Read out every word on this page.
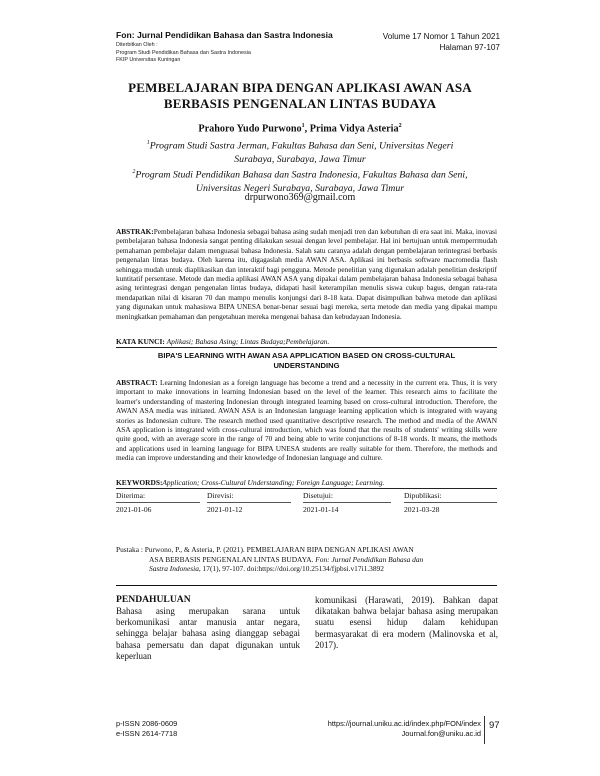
Fon: Jurnal Pendidikan Bahasa dan Sastra Indonesia
Diterbitkan Oleh :
Program Studi Pendidikan Bahasa dan Sastra Indonesia
FKIP Universitas Kuningan
Volume 17 Nomor 1 Tahun 2021
Halaman 97-107
PEMBELAJARAN BIPA DENGAN APLIKASI AWAN ASA
BERBASIS PENGENALAN LINTAS BUDAYA
Prahoro Yudo Purwono$^1$, Prima Vidya Asteria$^2$
$^1$Program Studi Sastra Jerman, Fakultas Bahasa dan Seni, Universitas Negeri
Surabaya, Surabaya, Jawa Timur
$^2$Program Studi Pendidikan Bahasa dan Sastra Indonesia, Fakultas Bahasa dan Seni,
Universitas Negeri Surabaya, Surabaya, Jawa Timur
drpurwono369@gmail.com
ABSTRAK:Pembelajaran bahasa Indonesia sebagai bahasa asing sudah menjadi tren dan kebutuhan di era saat ini. Maka, inovasi pembelajaran bahasa Indonesia sangat penting dilakukan sesuai dengan level pembelajar. Hal ini bertujuan untuk memperrmudah pemahaman pembelajar dalam menguasai bahasa Indonesia. Salah satu caranya adalah dengan pembelajaran terintegrasi berbasis pengenalan lintas budaya. Oleh karena itu, digagaslah media AWAN ASA. Aplikasi ini berbasis software macromedia flash sehingga mudah untuk diaplikasikan dan interaktif bagi pengguna. Metode penelitian yang digunakan adalah penelitian deskriptif kuntitatif persentase. Metode dan media aplikasi AWAN ASA yang dipakai dalam pembelajaran bahasa Indonesia sebagai bahasa asing terintegrasi dengan pengenalan lintas budaya, didapati hasil keterampilan menulis siswa cukup bagus, dengan rata-rata mendapatkan nilai di kisaran 70 dan mampu menulis konjungsi dari 8-18 kata. Dapat disimpulkan bahwa metode dan aplikasi yang digunakan untuk mahasiswa BIPA UNESA benar-benar sesuai bagi mereka, serta metode dan media yang dipakai mampu meningkatkan pemahaman dan pengetahuan mereka mengenai bahasa dan kebudayaan Indonesia.
KATA KUNCI: Aplikasi; Bahasa Asing; Lintas Budaya;Pembelajaran.
BIPA'S LEARNING WITH AWAN ASA APPLICATION BASED ON CROSS-CULTURAL
UNDERSTANDING
ABSTRACT: Learning Indonesian as a foreign language has become a trend and a necessity in the current era. Thus, it is very important to make innovations in learning Indonesian based on the level of the learner. This research aims to facilitate the learner's understanding of mastering Indonesian through integrated learning based on cross-cultural introduction. Therefore, the AWAN ASA media was initiated. AWAN ASA is an Indonesian language learning application which is integrated with wayang stories as Indonesian culture. The research method used quantitative descriptive research. The method and media of the AWAN ASA application is integrated with cross-cultural introduction, which was found that the results of students' writing skills were quite good, with an average score in the range of 70 and being able to write conjunctions of 8-18 words. It means, the methods and applications used in learning language for BIPA UNESA students are really suitable for them. Therefore, the methods and media can improve understanding and their knowledge of Indonesian language and culture.
KEYWORDS:Application; Cross-Cultural Understanding; Foreign Language; Learning.
Diterima:
2021-01-06
Direvisi:
2021-01-12
Disetujui:
2021-01-14
Dipublikasi:
2021-03-28
Pustaka : Purwono, P., & Asteria, P. (2021). PEMBELAJARAN BIPA DENGAN APLIKASI AWAN
ASA BERBASIS PENGENALAN LINTAS BUDAYA. Fon: Jurnal Pendidikan Bahasa dan
Sastra Indonesia, 17(1), 97-107. doi:https://doi.org/10.25134/fjpbsi.v17i1.3892
PENDAHULUAN
Bahasa asing merupakan sarana untuk berkomunikasi antar manusia antar negara, sehingga belajar bahasa asing dianggap sebagai bahasa pemersatu dan dapat digunakan untuk keperluan
komunikasi (Harawati, 2019). Bahkan dapat dikatakan bahwa belajar bahasa asing merupakan suatu esensi hidup dalam kehidupan bermasyarakat di era modern (Malinovska et al, 2017).
p-ISSN 2086-0609
e-ISSN 2614-7718
https://journal.uniku.ac.id/index.php/FON/index
Journal.fon@uniku.ac.id
97
